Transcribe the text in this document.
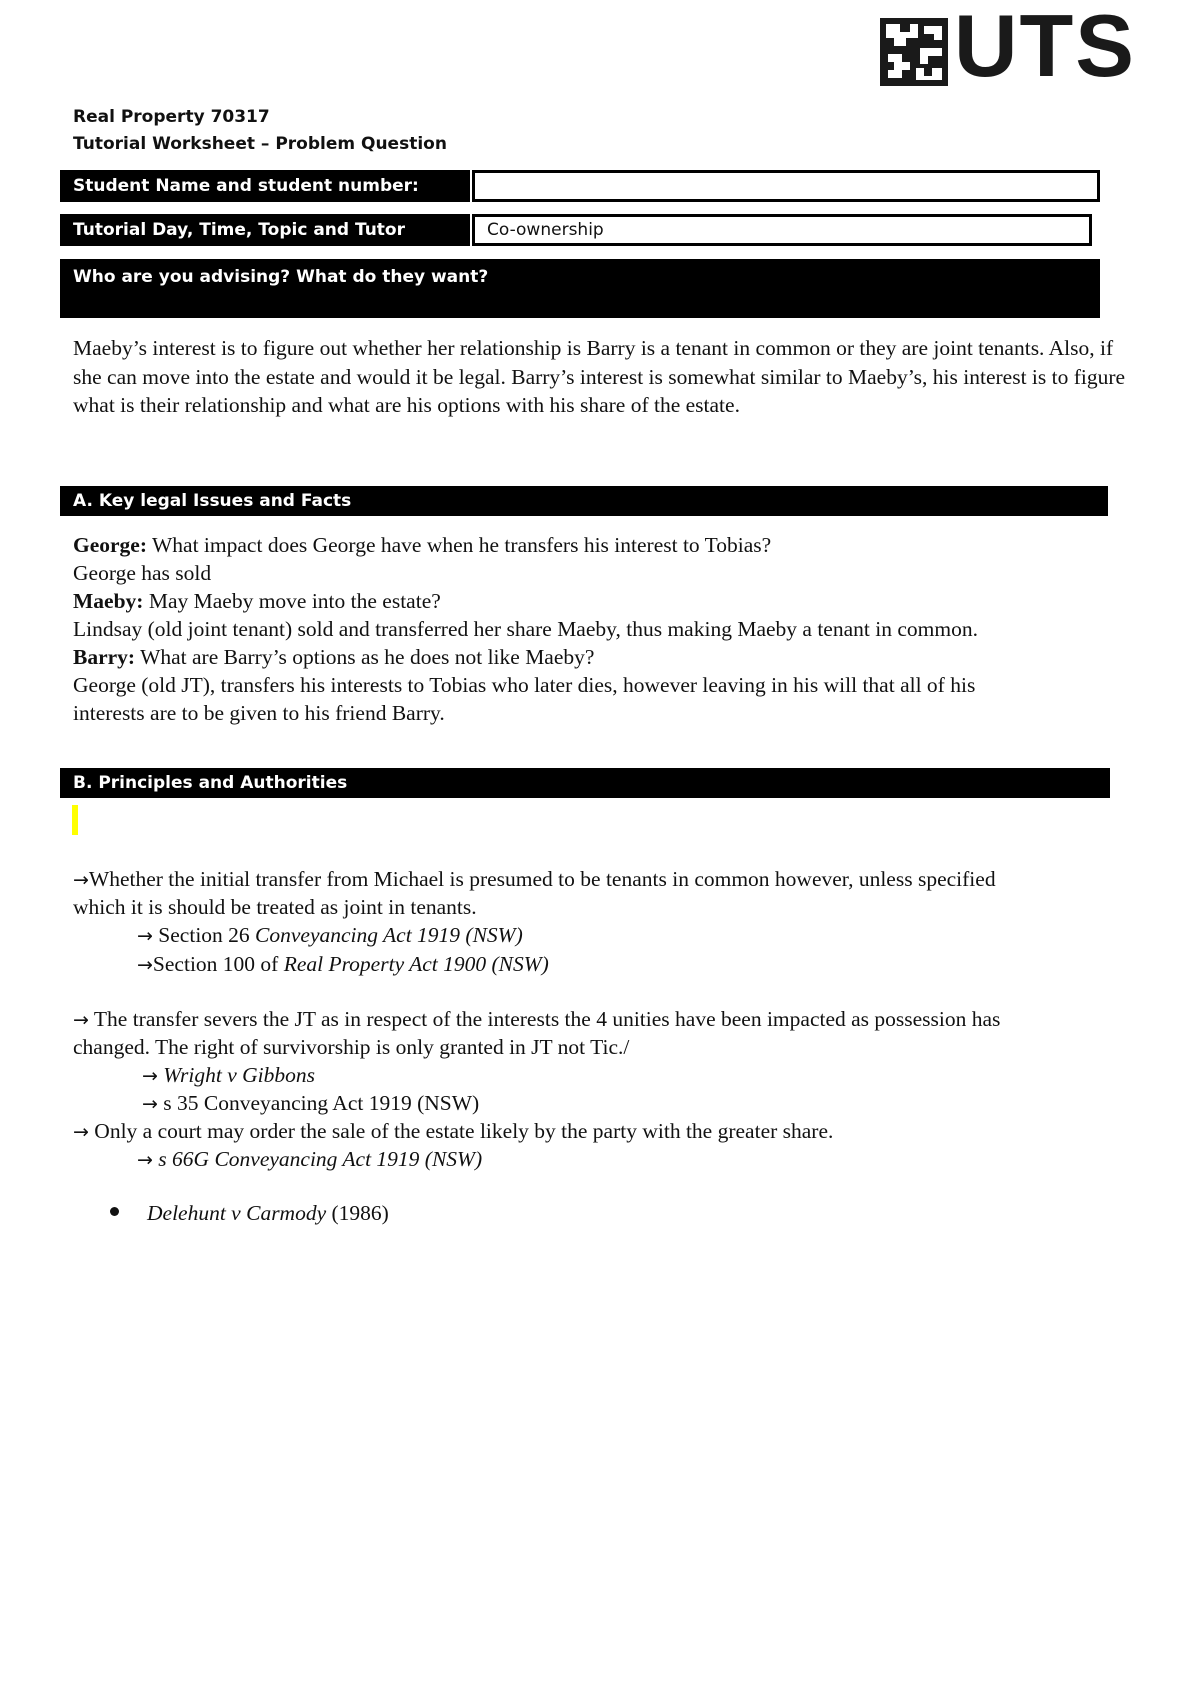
UTS
Real Property 70317
Tutorial Worksheet – Problem Question
Student Name and student number:
Tutorial Day, Time, Topic and Tutor	Co-ownership
Who are you advising? What do they want?
Maeby’s interest is to figure out whether her relationship is Barry is a tenant in common or they are joint tenants. Also, if she can move into the estate and would it be legal. Barry’s interest is somewhat similar to Maeby’s, his interest is to figure what is their relationship and what are his options with his share of the estate.
A. Key legal Issues and Facts
George: What impact does George have when he transfers his interest to Tobias?
George has sold
Maeby: May Maeby move into the estate?
Lindsay (old joint tenant) sold and transferred her share Maeby, thus making Maeby a tenant in common.
Barry: What are Barry’s options as he does not like Maeby?
George (old JT), transfers his interests to Tobias who later dies, however leaving in his will that all of his
interests are to be given to his friend Barry.
B. Principles and Authorities
→Whether the initial transfer from Michael is presumed to be tenants in common however, unless specified
which it is should be treated as joint in tenants.
→ Section 26 Conveyancing Act 1919 (NSW)
→Section 100 of Real Property Act 1900 (NSW)
→ The transfer severs the JT as in respect of the interests the 4 unities have been impacted as possession has
changed. The right of survivorship is only granted in JT not Tic./
→ Wright v Gibbons
→ s 35 Conveyancing Act 1919 (NSW)
→ Only a court may order the sale of the estate likely by the party with the greater share.
→ s 66G Conveyancing Act 1919 (NSW)
Delehunt v Carmody (1986)
